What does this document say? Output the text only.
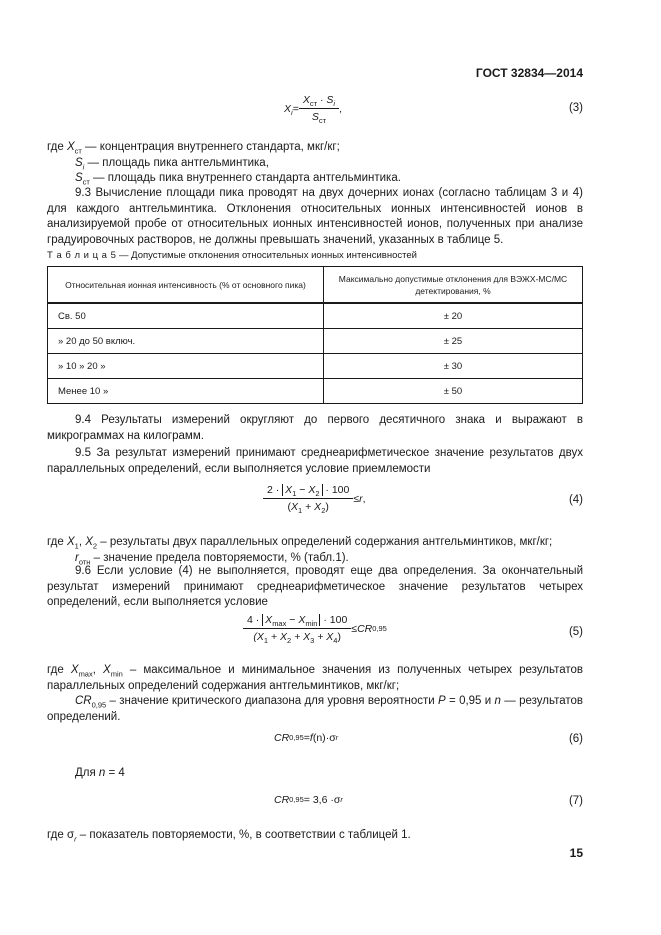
ГОСТ 32834—2014
$X_i = \frac{X_{ст} \cdot S_i}{S_{ст}}$ ,	(3)
где $X_{ст}$ — концентрация внутреннего стандарта, мкг/кг;
$S_i$ — площадь пика антгельминтика,
$S_{ст}$ — площадь пика внутреннего стандарта антгельминтика.
9.3 Вычисление площади пика проводят на двух дочерних ионах (согласно таблицам 3 и 4) для каждого антгельминтика. Отклонения относительных ионных интенсивностей ионов в анализируемой пробе от относительных ионных интенсивностей ионов, полученных при анализе градуировочных растворов, не должны превышать значений, указанных в таблице 5.
Т а б л и ц а 5 — Допустимые отклонения относительных ионных интенсивностей
Относительная ионная интенсивность (% от основного пика)	Максимально допустимые отклонения для ВЭЖХ-МС/МС детектирования, %
Св. 50	± 20
» 20 до 50 включ.	± 25
» 10 » 20 »	± 30
Менее 10 »	± 50
9.4 Результаты измерений округляют до первого десятичного знака и выражают в микрограммах на килограмм.
9.5 За результат измерений принимают среднеарифметическое значение результатов двух параллельных определений, если выполняется условие приемлемости
$\frac{2 \cdot X_1 - X_2 \cdot 100}{(X_1 + X_2)} \le r$ ,	(4)
где $X_1$, $X_2$ – результаты двух параллельных определений содержания антгельминтиков, мкг/кг;
$r_{отн}$ – значение предела повторяемости, % (табл.1).
9.6 Если условие (4) не выполняется, проводят еще два определения. За окончательный результат измерений принимают среднеарифметическое значение результатов четырех определений, если выполняется условие
$\frac{4 \cdot X_{max} - X_{min} \cdot 100}{(X_1 + X_2 + X_3 + X_4)}$ ≤ CR 0,95	(5)
где $X_{max}$, $X_{min}$ – максимальное и минимальное значения из полученных четырех результатов параллельных определений содержания антгельминтиков, мкг/кг;
$CR_{0,95}$ – значение критического диапазона для уровня вероятности P = 0,95 и n — результатов определений.
CR 0,95 = f (n) · σ r	(6)
Для n = 4
CR 0,95 = 3,6 · σ r	(7)
где $\sigma_r$ – показатель повторяемости, %, в соответствии с таблицей 1.
15
